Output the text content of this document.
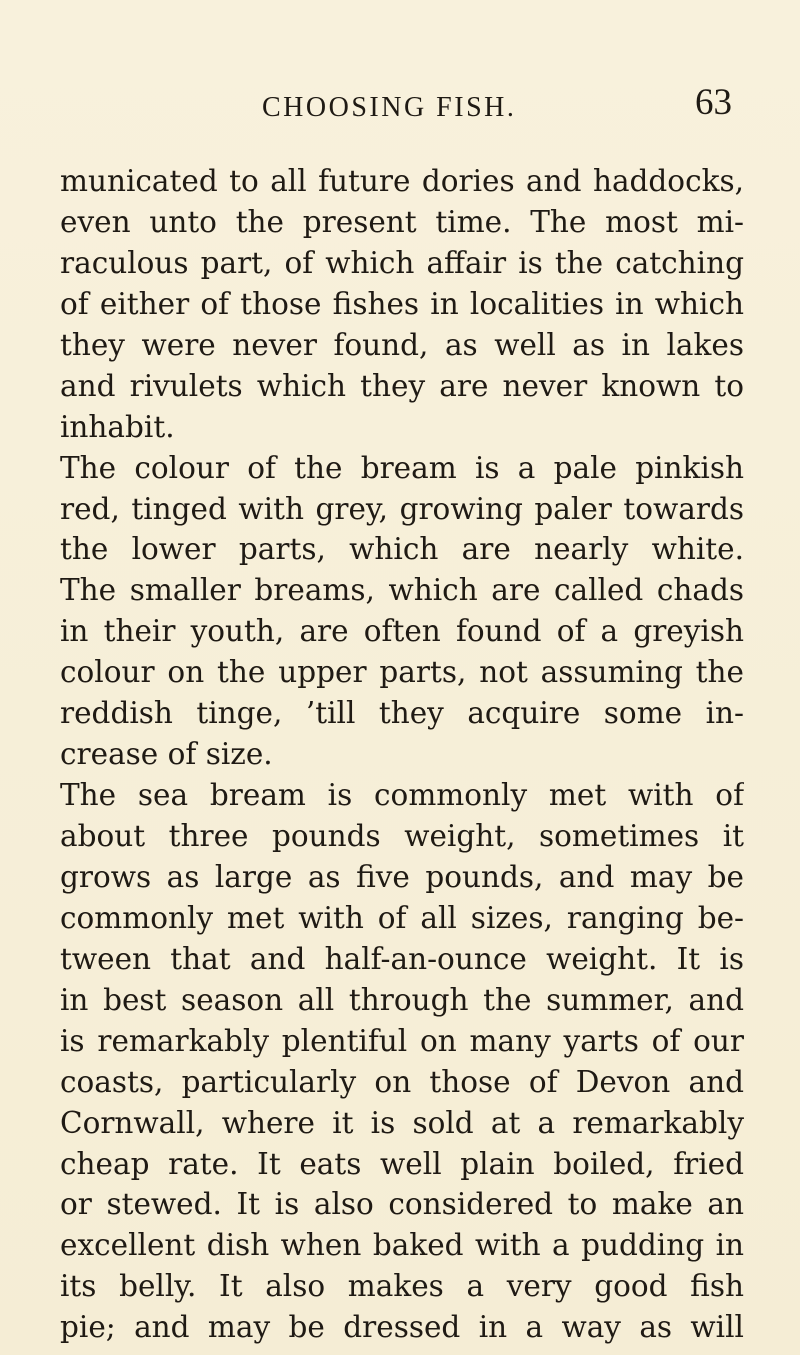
CHOOSING FISH.	63
municated to all future dories and haddocks,
even unto the present time. The most mi-
raculous part, of which affair is the catching
of either of those fishes in localities in which
they were never found, as well as in lakes
and rivulets which they are never known to
inhabit.
The colour of the bream is a pale pinkish
red, tinged with grey, growing paler towards
the lower parts, which are nearly white.
The smaller breams, which are called chads
in their youth, are often found of a greyish
colour on the upper parts, not assuming the
reddish tinge, ’till they acquire some in-
crease of size.
The sea bream is commonly met with of
about three pounds weight, sometimes it
grows as large as five pounds, and may be
commonly met with of all sizes, ranging be-
tween that and half-an-ounce weight. It is
in best season all through the summer, and
is remarkably plentiful on many yarts of our
coasts, particularly on those of Devon and
Cornwall, where it is sold at a remarkably
cheap rate. It eats well plain boiled, fried
or stewed. It is also considered to make an
excellent dish when baked with a pudding in
its belly. It also makes a very good fish
pie; and may be dressed in a way as will
